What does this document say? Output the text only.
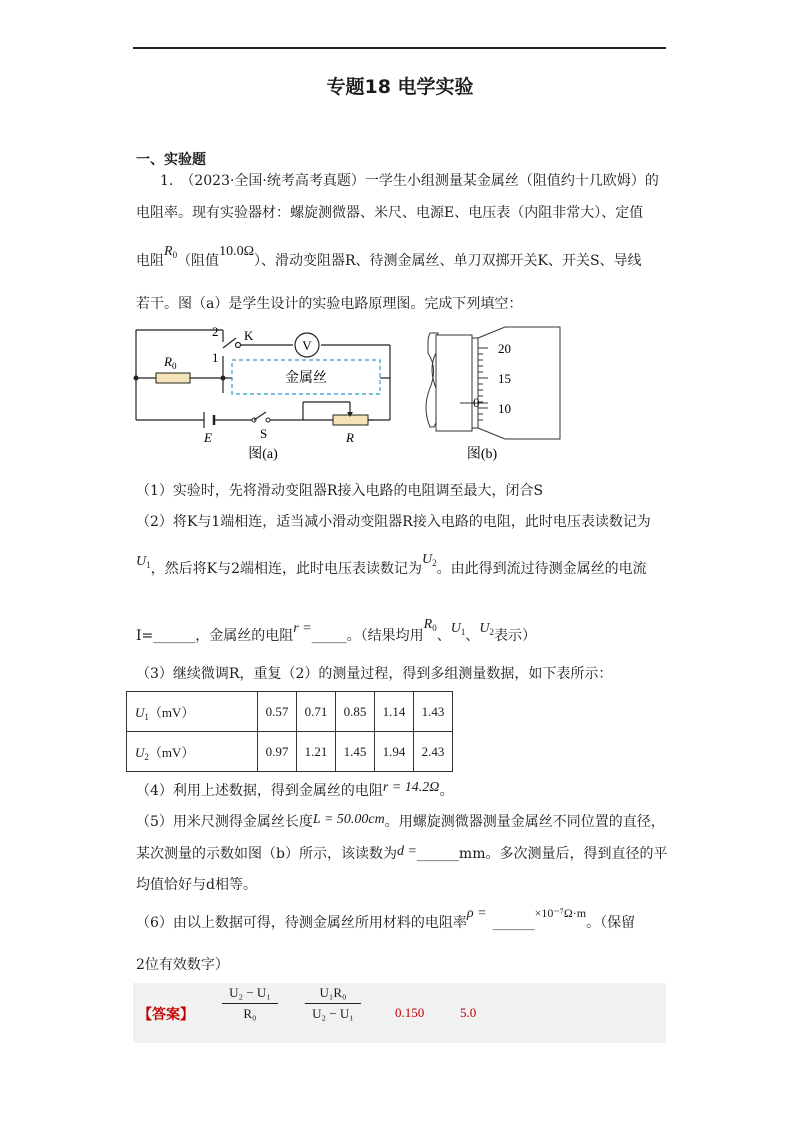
专题18 电学实验
一、实验题
1.　（2023·全国·统考高考真题）一学生小组测量某金属丝（阻值约十几欧姆）的
电阻率。现有实验器材：螺旋测微器、米尺、电源E、电压表（内阻非常大）、定值
电阻$R_0$（阻值10.0Ω）、滑动变阻器R、待测金属丝、单刀双掷开关K、开关S、导线
若干。图（a）是学生设计的实验电路原理图。完成下列填空：
V
$R_0$
金属丝
2 K
1
E	S	R
图(a)
20
15
0 10
图(b)
（1）实验时，先将滑动变阻器R接入电路的电阻调至最大，闭合S
（2）将K与1端相连，适当减小滑动变阻器R接入电路的电阻，此时电压表读数记为
$U_1$，然后将K与2端相连，此时电压表读数记为$U_2$。由此得到流过待测金属丝的电流
I=______，金属丝的电阻r =_____。（结果均用$R_0$、$U_1$、$U_2$表示）
（3）继续微调R，重复（2）的测量过程，得到多组测量数据，如下表所示：
$U_1(mV)$	0.57	0.71	0.85	1.14	1.43
$U_2(mV)$	0.97	1.21	1.45	1.94	2.43
（4）利用上述数据，得到金属丝的电阻r = 14.2Ω。
（5）用米尺测得金属丝长度L = 50.00cm。用螺旋测微器测量金属丝不同位置的直径，
某次测量的示数如图（b）所示，该读数为d =______mm。多次测量后，得到直径的平
均值恰好与d相等。
（6）由以上数据可得，待测金属丝所用材料的电阻率ρ =______×10⁻⁷Ω·m。（保留
2位有效数字）
【答案】 $\frac{\text{U₂ − U₁}}{\text{R₀}} \frac{\text{U₁R₀}}{\text{U₂ − U₁}}$	0.150	5.0
